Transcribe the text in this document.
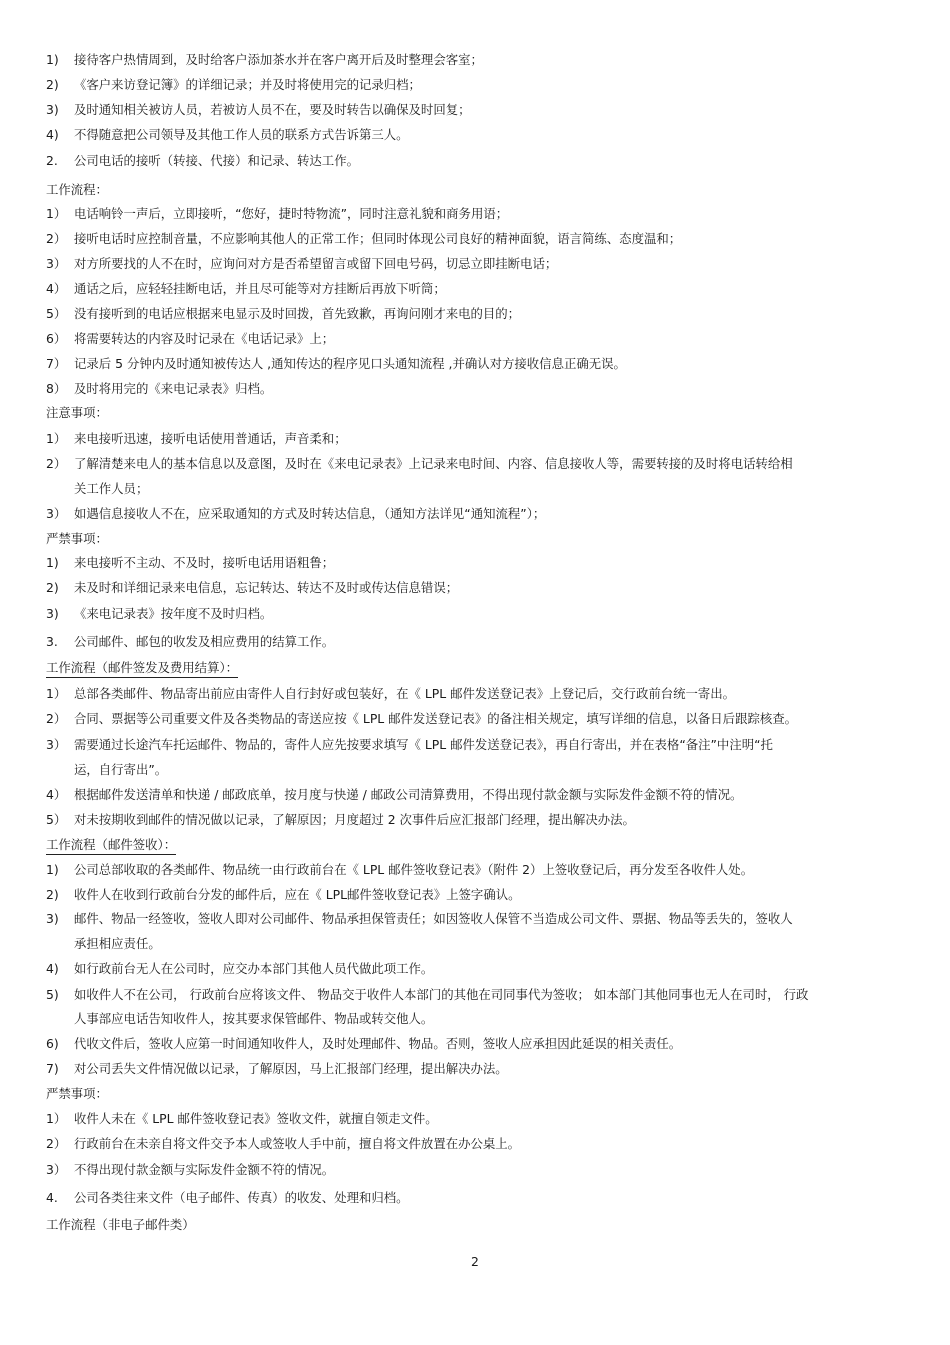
1) 接待客户热情周到，及时给客户添加茶水并在客户离开后及时整理会客室；
2) 《客户来访登记簿》的详细记录；并及时将使用完的记录归档；
3) 及时通知相关被访人员，若被访人员不在，要及时转告以确保及时回复；
4) 不得随意把公司领导及其他工作人员的联系方式告诉第三人。
2. 公司电话的接听（转接、代接）和记录、转达工作。
工作流程：
1） 电话响铃一声后，立即接听，“您好，捷时特物流”，同时注意礼貌和商务用语；
2） 接听电话时应控制音量，不应影响其他人的正常工作；但同时体现公司良好的精神面貌，语言简练、态度温和；
3） 对方所要找的人不在时，应询问对方是否希望留言或留下回电号码，切忌立即挂断电话；
4） 通话之后，应轻轻挂断电话，并且尽可能等对方挂断后再放下听筒；
5） 没有接听到的电话应根据来电显示及时回拨，首先致歉，再询问刚才来电的目的；
6） 将需要转达的内容及时记录在《电话记录》上；
7） 记录后 5 分钟内及时通知被传达人 ,通知传达的程序见口头通知流程 ,并确认对方接收信息正确无误。
8） 及时将用完的《来电记录表》归档。
注意事项：
1） 来电接听迅速，接听电话使用普通话，声音柔和；
2） 了解清楚来电人的基本信息以及意图，及时在《来电记录表》上记录来电时间、内容、信息接收人等，需要转接的及时将电话转给相
关工作人员；
3） 如遇信息接收人不在，应采取通知的方式及时转达信息，（通知方法详见“通知流程”）；
严禁事项：
1) 来电接听不主动、不及时，接听电话用语粗鲁；
2) 未及时和详细记录来电信息，忘记转达、转达不及时或传达信息错误；
3) 《来电记录表》按年度不及时归档。
3. 公司邮件、邮包的收发及相应费用的结算工作。
工作流程（邮件签发及费用结算）：
1） 总部各类邮件、物品寄出前应由寄件人自行封好或包装好，在《 LPL 邮件发送登记表》上登记后，交行政前台统一寄出。
2） 合同、票据等公司重要文件及各类物品的寄送应按《 LPL 邮件发送登记表》的备注相关规定，填写详细的信息，以备日后跟踪核查。
3） 需要通过长途汽车托运邮件、物品的，寄件人应先按要求填写《 LPL 邮件发送登记表》，再自行寄出，并在表格“备注”中注明“托
运，自行寄出”。
4） 根据邮件发送清单和快递 / 邮政底单，按月度与快递 / 邮政公司清算费用，不得出现付款金额与实际发件金额不符的情况。
5） 对未按期收到邮件的情况做以记录，了解原因；月度超过 2 次事件后应汇报部门经理，提出解决办法。
工作流程（邮件签收）：
1) 公司总部收取的各类邮件、物品统一由行政前台在《 LPL 邮件签收登记表》（附件 2）上签收登记后，再分发至各收件人处。
2) 收件人在收到行政前台分发的邮件后，应在《 LPL邮件签收登记表》上签字确认。
3) 邮件、物品一经签收，签收人即对公司邮件、物品承担保管责任；如因签收人保管不当造成公司文件、票据、物品等丢失的，签收人
承担相应责任。
4) 如行政前台无人在公司时，应交办本部门其他人员代做此项工作。
5) 如收件人不在公司， 行政前台应将该文件、 物品交于收件人本部门的其他在司同事代为签收； 如本部门其他同事也无人在司时， 行政
人事部应电话告知收件人，按其要求保管邮件、物品或转交他人。
6) 代收文件后，签收人应第一时间通知收件人，及时处理邮件、物品。否则，签收人应承担因此延误的相关责任。
7) 对公司丢失文件情况做以记录，了解原因，马上汇报部门经理，提出解决办法。
严禁事项：
1） 收件人未在《 LPL 邮件签收登记表》签收文件，就擅自领走文件。
2） 行政前台在未亲自将文件交予本人或签收人手中前，擅自将文件放置在办公桌上。
3） 不得出现付款金额与实际发件金额不符的情况。
4. 公司各类往来文件（电子邮件、传真）的收发、处理和归档。
工作流程（非电子邮件类）
2
